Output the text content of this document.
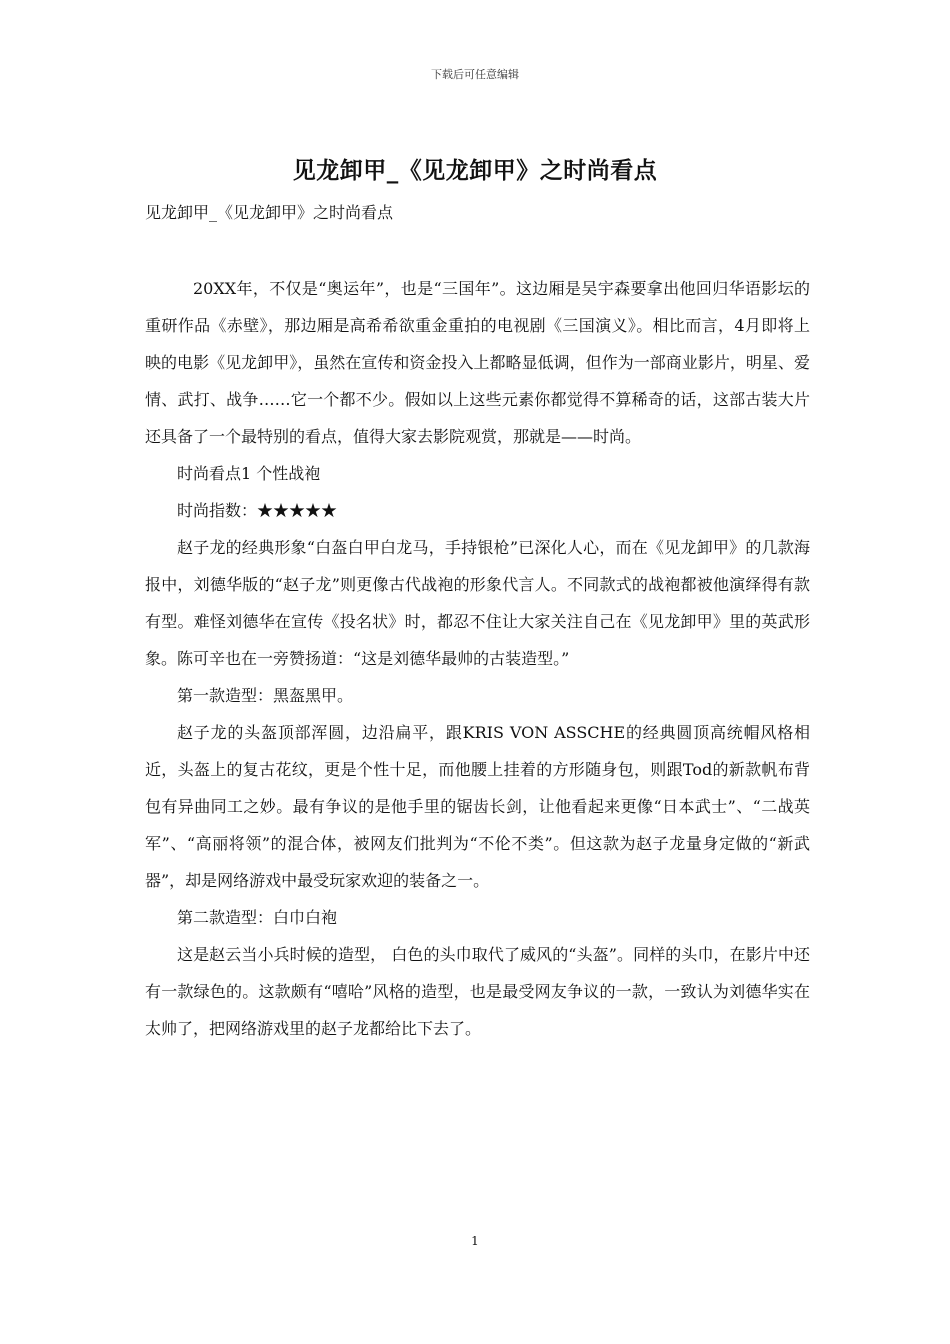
下载后可任意编辑
见龙卸甲_《见龙卸甲》之时尚看点
见龙卸甲_《见龙卸甲》之时尚看点

20XX年，不仅是“奥运年”，也是“三国年”。这边厢是吴宇森要拿出他回归华语影坛的重研作品《赤壁》，那边厢是高希希欲重金重拍的电视剧《三国演义》。相比而言，4月即将上映的电影《见龙卸甲》，虽然在宣传和资金投入上都略显低调，但作为一部商业影片，明星、爱情、武打、战争……它一个都不少。假如以上这些元素你都觉得不算稀奇的话，这部古装大片还具备了一个最特别的看点，值得大家去影院观赏，那就是——时尚。

时尚看点1 个性战袍

时尚指数：★★★★★

赵子龙的经典形象“白盔白甲白龙马，手持银枪”已深化人心，而在《见龙卸甲》的几款海报中，刘德华版的“赵子龙”则更像古代战袍的形象代言人。不同款式的战袍都被他演绎得有款有型。难怪刘德华在宣传《投名状》时，都忍不住让大家关注自己在《见龙卸甲》里的英武形象。陈可辛也在一旁赞扬道：“这是刘德华最帅的古装造型。”

第一款造型：黑盔黑甲。

赵子龙的头盔顶部浑圆，边沿扁平，跟KRIS VON ASSCHE的经典圆顶高统帽风格相近，头盔上的复古花纹，更是个性十足，而他腰上挂着的方形随身包，则跟Tod的新款帆布背包有异曲同工之妙。最有争议的是他手里的锯齿长剑，让他看起来更像“日本武士”、“二战英军”、“高丽将领”的混合体，被网友们批判为“不伦不类”。但这款为赵子龙量身定做的“新武器”，却是网络游戏中最受玩家欢迎的装备之一。

第二款造型：白巾白袍

这是赵云当小兵时候的造型， 白色的头巾取代了威风的“头盔”。同样的头巾，在影片中还有一款绿色的。这款颇有“嘻哈”风格的造型，也是最受网友争议的一款，一致认为刘德华实在太帅了，把网络游戏里的赵子龙都给比下去了。

1
